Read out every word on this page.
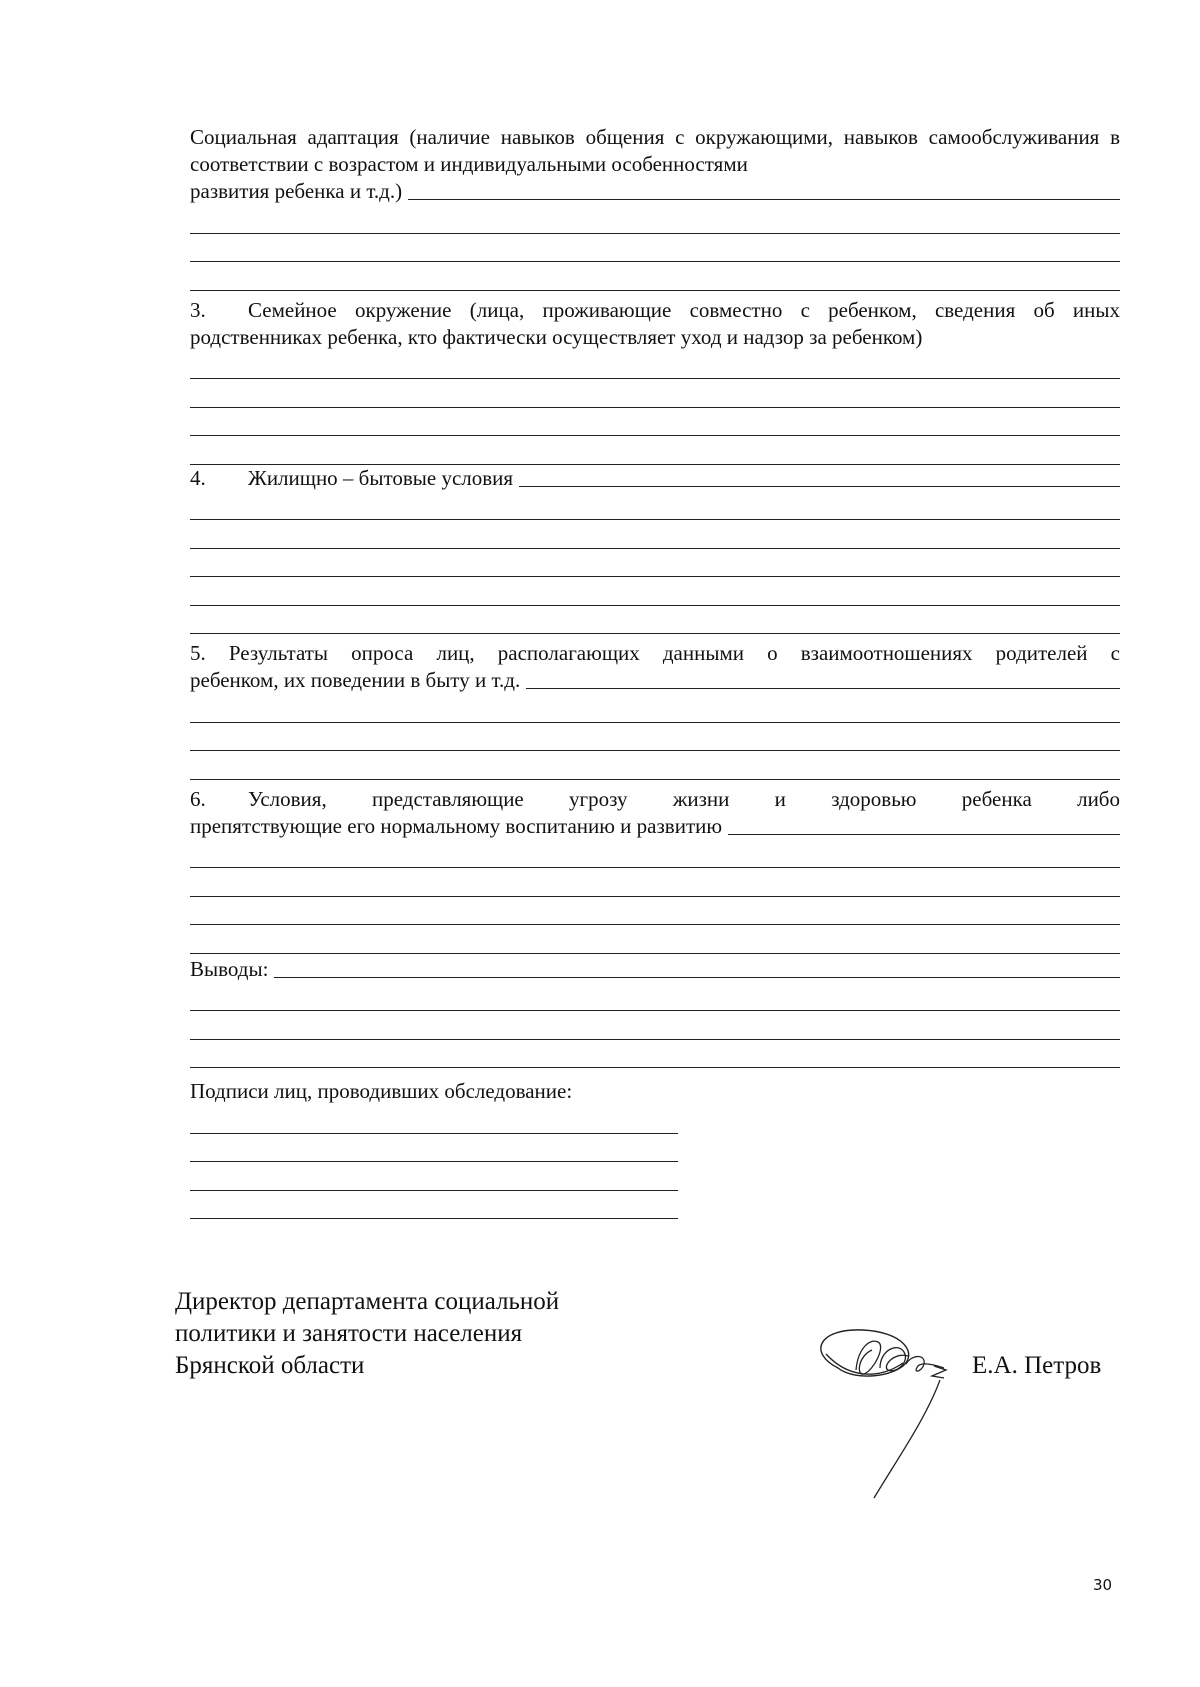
Социальная адаптация (наличие навыков общения с окружающими, навыков самообслуживания в соответствии с возрастом и индивидуальными особенностями
развития ребенка и т.д.)
3. Семейное окружение (лица, проживающие совместно с ребенком, сведения об иных родственниках ребенка, кто фактически осуществляет уход и надзор за ребенком)
4.	Жилищно – бытовые условия
5. Результаты опроса лиц, располагающих данными о взаимоотношениях родителей с
ребенком, их поведении в быту и т.д.
6.	Условия, представляющие угрозу жизни и здоровью ребенка либо
препятствующие его нормальному воспитанию и развитию
Выводы:
Подписи лиц, проводивших обследование:
Директор департамента социальной
политики и занятости населения
Брянской области	Е.А. Петров
30
